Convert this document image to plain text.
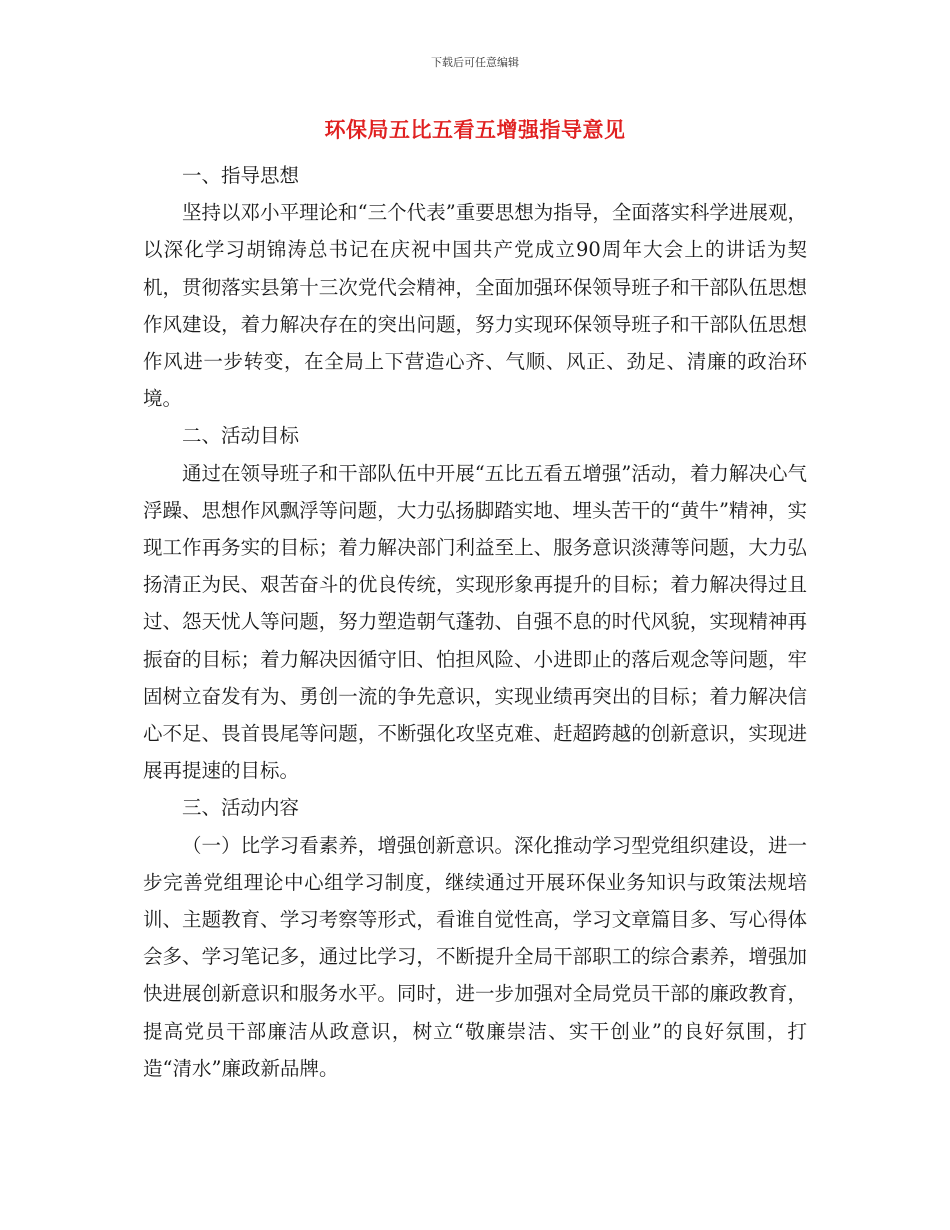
下载后可任意编辑
环保局五比五看五增强指导意见

一、指导思想

坚持以邓小平理论和“三个代表”重要思想为指导，全面落实科学进展观，以深化学习胡锦涛总书记在庆祝中国共产党成立90周年大会上的讲话为契机，贯彻落实县第十三次党代会精神，全面加强环保领导班子和干部队伍思想作风建设，着力解决存在的突出问题，努力实现环保领导班子和干部队伍思想作风进一步转变，在全局上下营造心齐、气顺、风正、劲足、清廉的政治环境。

二、活动目标

通过在领导班子和干部队伍中开展“五比五看五增强”活动，着力解决心气浮躁、思想作风飘浮等问题，大力弘扬脚踏实地、埋头苦干的“黄牛”精神，实现工作再务实的目标；着力解决部门利益至上、服务意识淡薄等问题，大力弘扬清正为民、艰苦奋斗的优良传统，实现形象再提升的目标；着力解决得过且过、怨天忧人等问题，努力塑造朝气蓬勃、自强不息的时代风貌，实现精神再振奋的目标；着力解决因循守旧、怕担风险、小进即止的落后观念等问题，牢固树立奋发有为、勇创一流的争先意识，实现业绩再突出的目标；着力解决信心不足、畏首畏尾等问题，不断强化攻坚克难、赶超跨越的创新意识，实现进展再提速的目标。

三、活动内容

（一）比学习看素养，增强创新意识。深化推动学习型党组织建设，进一步完善党组理论中心组学习制度，继续通过开展环保业务知识与政策法规培训、主题教育、学习考察等形式，看谁自觉性高，学习文章篇目多、写心得体会多、学习笔记多，通过比学习，不断提升全局干部职工的综合素养，增强加快进展创新意识和服务水平。同时，进一步加强对全局党员干部的廉政教育，提高党员干部廉洁从政意识，树立“敬廉崇洁、实干创业”的良好氛围，打造“清水”廉政新品牌。
